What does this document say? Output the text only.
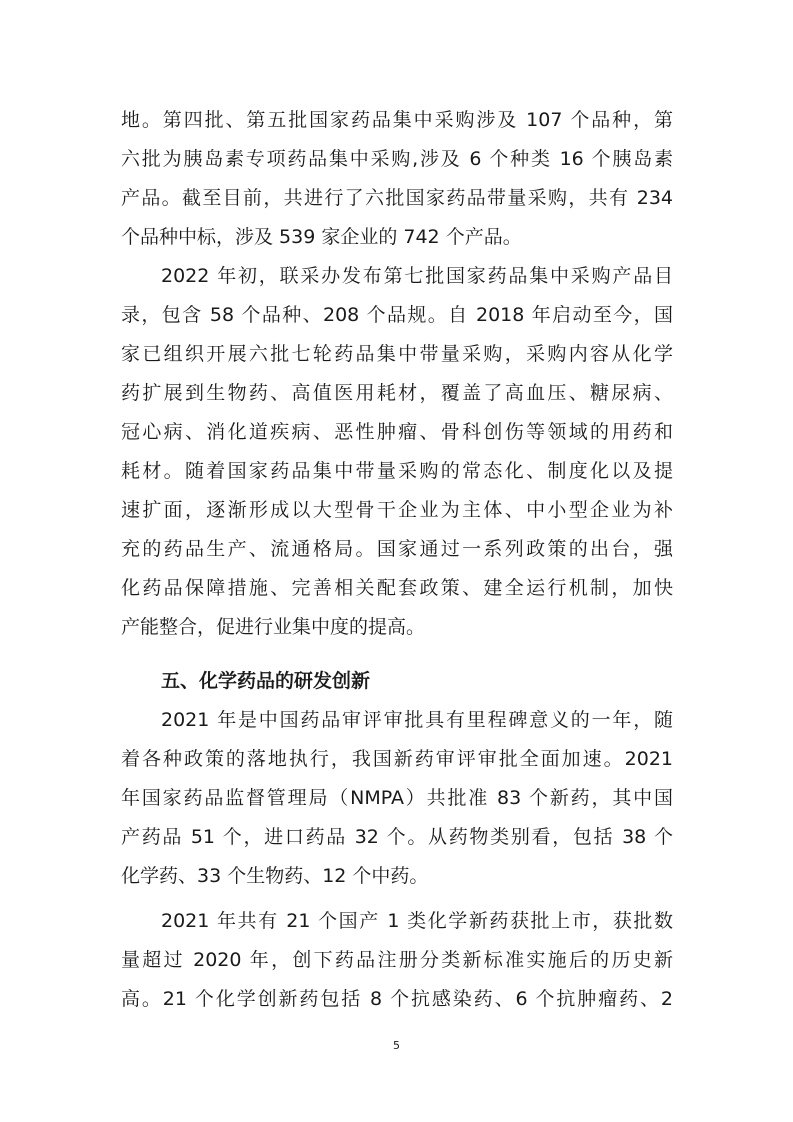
地。第四批、第五批国家药品集中采购涉及 107 个品种，第
六批为胰岛素专项药品集中采购,涉及 6 个种类 16 个胰岛素
产品。截至目前，共进行了六批国家药品带量采购，共有 234
个品种中标，涉及 539 家企业的 742 个产品。
2022 年初，联采办发布第七批国家药品集中采购产品目
录，包含 58 个品种、208 个品规。自 2018 年启动至今，国
家已组织开展六批七轮药品集中带量采购，采购内容从化学
药扩展到生物药、高值医用耗材，覆盖了高血压、糖尿病、
冠心病、消化道疾病、恶性肿瘤、骨科创伤等领域的用药和
耗材。随着国家药品集中带量采购的常态化、制度化以及提
速扩面，逐渐形成以大型骨干企业为主体、中小型企业为补
充的药品生产、流通格局。国家通过一系列政策的出台，强
化药品保障措施、完善相关配套政策、建全运行机制，加快
产能整合，促进行业集中度的提高。
五、化学药品的研发创新
2021 年是中国药品审评审批具有里程碑意义的一年，随
着各种政策的落地执行，我国新药审评审批全面加速。2021
年国家药品监督管理局（NMPA）共批准 83 个新药，其中国
产药品 51 个，进口药品 32 个。从药物类别看，包括 38 个
化学药、33 个生物药、12 个中药。
2021 年共有 21 个国产 1 类化学新药获批上市，获批数
量超过 2020 年，创下药品注册分类新标准实施后的历史新
高。21 个化学创新药包括 8 个抗感染药、6 个抗肿瘤药、2
5
